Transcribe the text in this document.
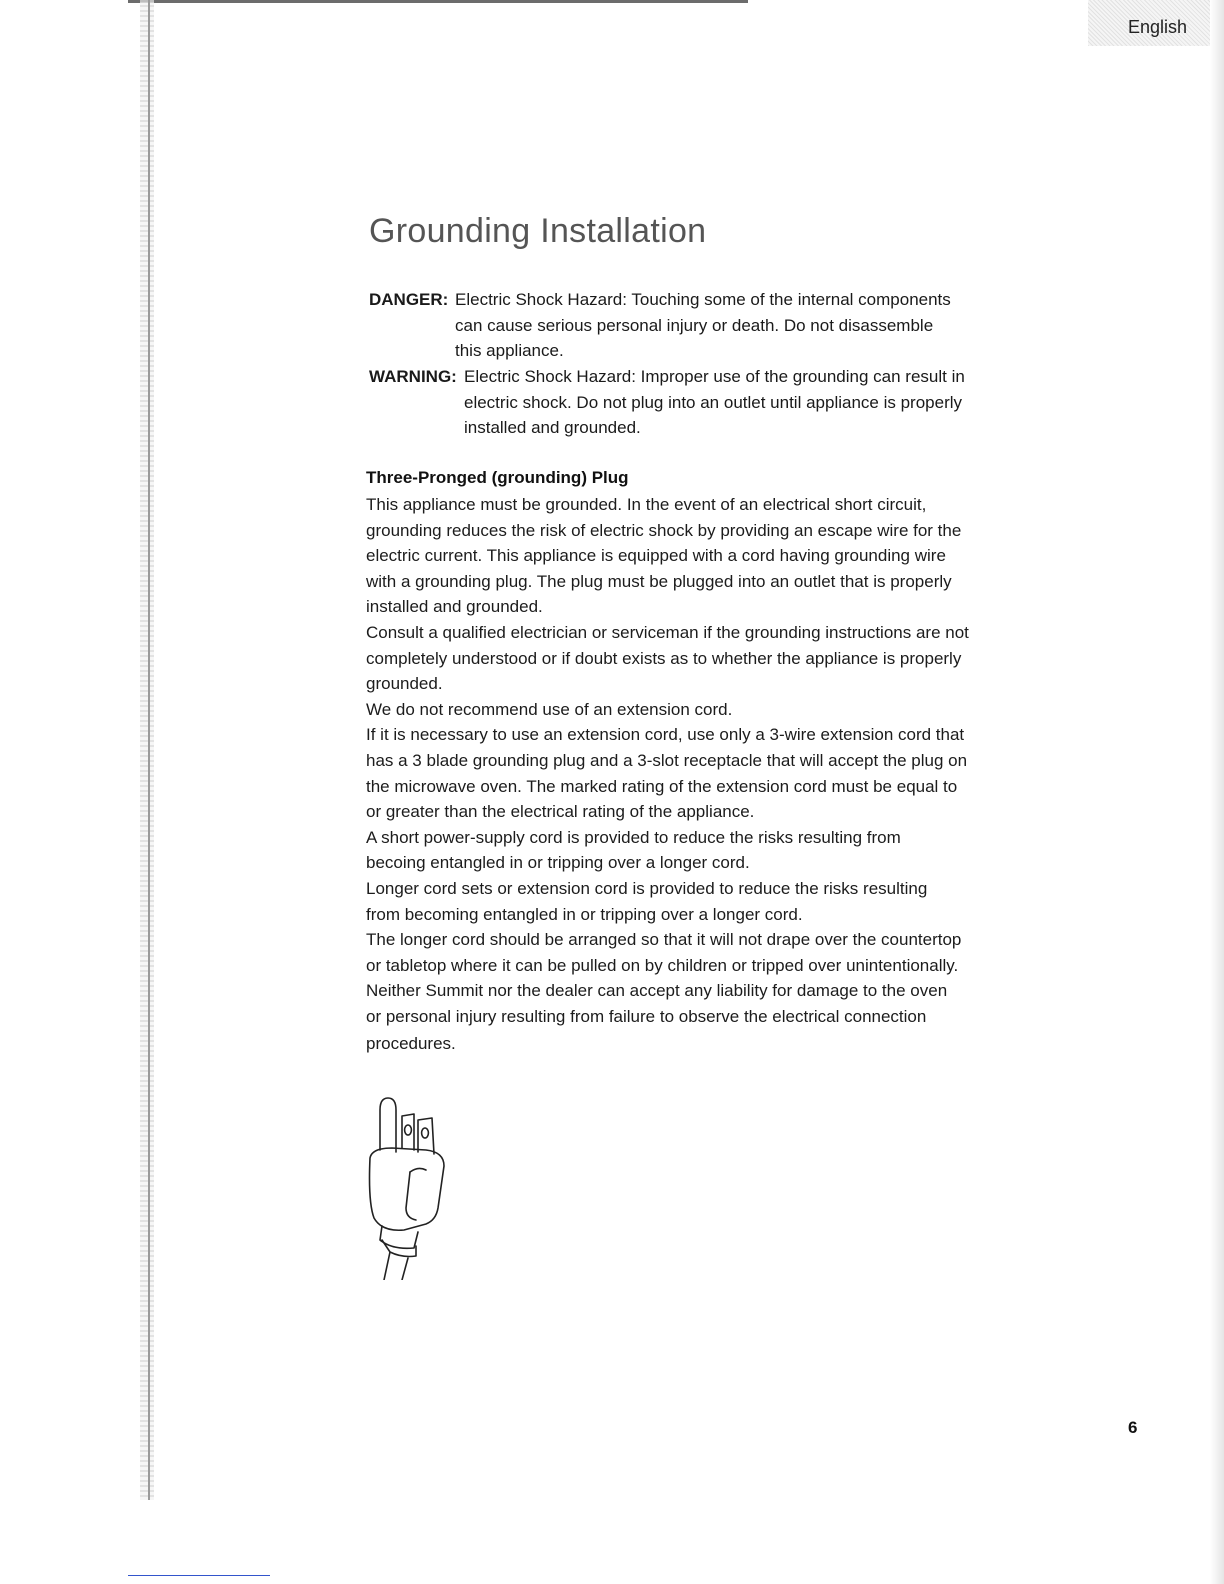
English
Grounding Installation
DANGER: Electric Shock Hazard: Touching some of the internal components
can cause serious personal injury or death. Do not disassemble
this appliance.
WARNING: Electric Shock Hazard: Improper use of the grounding can result in
electric shock. Do not plug into an outlet until appliance is properly
installed and grounded.
Three-Pronged (grounding) Plug
This appliance must be grounded. In the event of an electrical short circuit,
grounding reduces the risk of electric shock by providing an escape wire for the
electric current. This appliance is equipped with a cord having grounding wire
with a grounding plug. The plug must be plugged into an outlet that is properly
installed and grounded.
Consult a qualified electrician or serviceman if the grounding instructions are not
completely understood or if doubt exists as to whether the appliance is properly
grounded.
We do not recommend use of an extension cord.
If it is necessary to use an extension cord, use only a 3-wire extension cord that
has a 3 blade grounding plug and a 3-slot receptacle that will accept the plug on
the microwave oven. The marked rating of the extension cord must be equal to
or greater than the electrical rating of the appliance.
A short power-supply cord is provided to reduce the risks resulting from
becoing entangled in or tripping over a longer cord.
Longer cord sets or extension cord is provided to reduce the risks resulting
from becoming entangled in or tripping over a longer cord.
The longer cord should be arranged so that it will not drape over the countertop
or tabletop where it can be pulled on by children or tripped over unintentionally.
Neither Summit nor the dealer can accept any liability for damage to the oven
or personal injury resulting from failure to observe the electrical connection
procedures.
6
